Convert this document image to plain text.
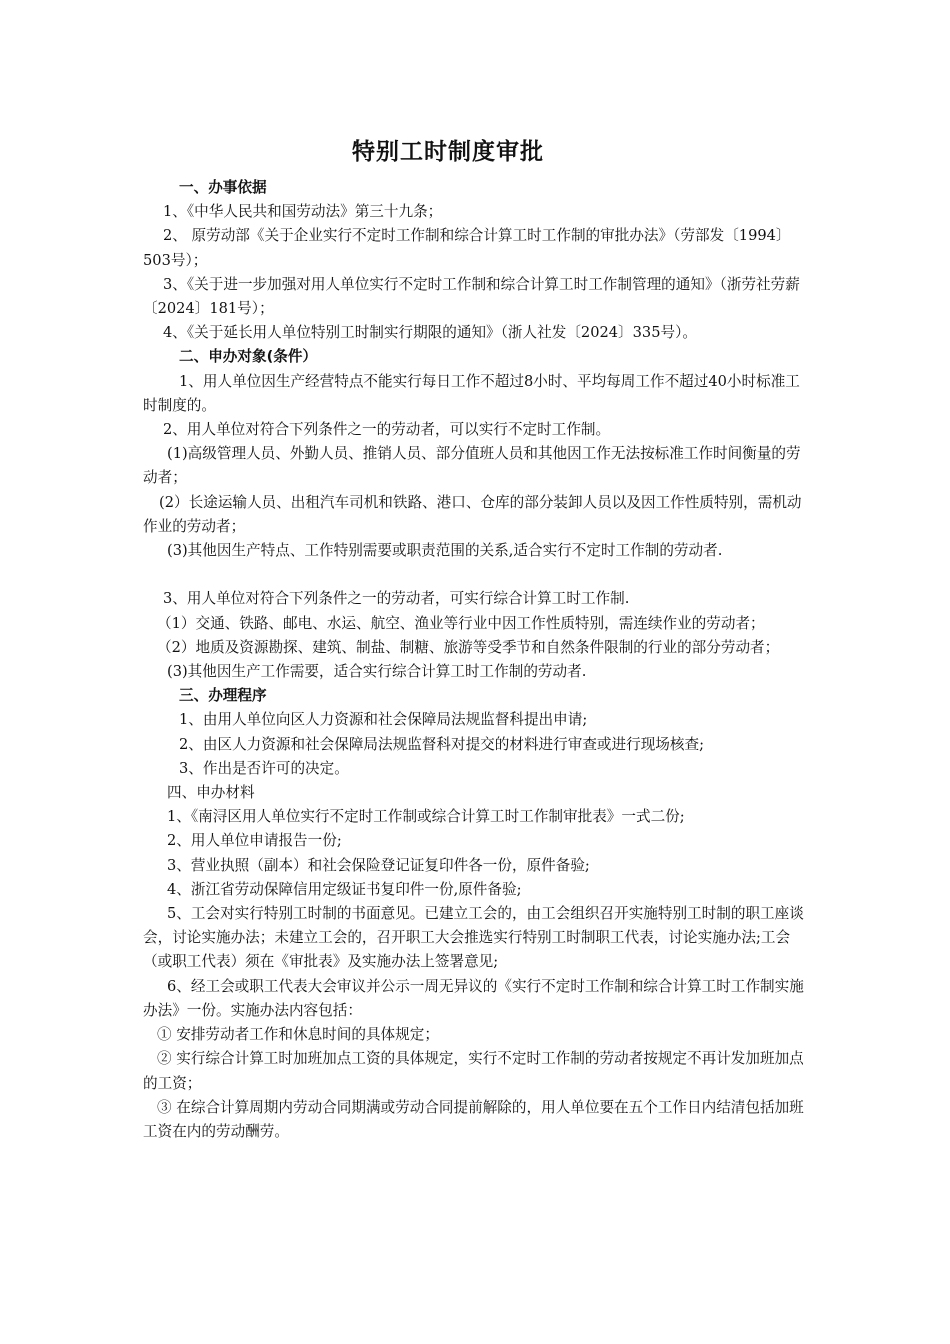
特别工时制度审批

一、办事依据

1、《中华人民共和国劳动法》第三十九条；

2、 原劳动部《关于企业实行不定时工作制和综合计算工时工作制的审批办法》（劳部发〔1994〕503号）；

3、《关于进一步加强对用人单位实行不定时工作制和综合计算工时工作制管理的通知》（浙劳社劳薪〔2024〕181号）；

4、《关于延长用人单位特别工时制实行期限的通知》（浙人社发〔2024〕335号）。

二、申办对象(条件）

1、用人单位因生产经营特点不能实行每日工作不超过8小时、平均每周工作不超过40小时标准工时制度的。

2、用人单位对符合下列条件之一的劳动者，可以实行不定时工作制。

(1)高级管理人员、外勤人员、推销人员、部分值班人员和其他因工作无法按标准工作时间衡量的劳动者；

(2）长途运输人员、出租汽车司机和铁路、港口、仓库的部分装卸人员以及因工作性质特别，需机动作业的劳动者；

(3)其他因生产特点、工作特别需要或职责范围的关系,适合实行不定时工作制的劳动者.

3、用人单位对符合下列条件之一的劳动者，可实行综合计算工时工作制.

（1）交通、铁路、邮电、水运、航空、渔业等行业中因工作性质特别，需连续作业的劳动者；

（2）地质及资源勘探、建筑、制盐、制糖、旅游等受季节和自然条件限制的行业的部分劳动者；

(3)其他因生产工作需要，适合实行综合计算工时工作制的劳动者.

三、办理程序

1、由用人单位向区人力资源和社会保障局法规监督科提出申请;

2、由区人力资源和社会保障局法规监督科对提交的材料进行审查或进行现场核查;

3、作出是否许可的决定。

四、申办材料

1、《南浔区用人单位实行不定时工作制或综合计算工时工作制审批表》一式二份;

2、用人单位申请报告一份;

3、营业执照（副本）和社会保险登记证复印件各一份，原件备验;

4、浙江省劳动保障信用定级证书复印件一份,原件备验;

5、工会对实行特别工时制的书面意见。已建立工会的，由工会组织召开实施特别工时制的职工座谈会，讨论实施办法；未建立工会的，召开职工大会推选实行特别工时制职工代表，讨论实施办法;工会（或职工代表）须在《审批表》及实施办法上签署意见;

6、经工会或职工代表大会审议并公示一周无异议的《实行不定时工作制和综合计算工时工作制实施办法》一份。实施办法内容包括：

① 安排劳动者工作和休息时间的具体规定；

② 实行综合计算工时加班加点工资的具体规定，实行不定时工作制的劳动者按规定不再计发加班加点的工资；

③ 在综合计算周期内劳动合同期满或劳动合同提前解除的，用人单位要在五个工作日内结清包括加班工资在内的劳动酬劳。
